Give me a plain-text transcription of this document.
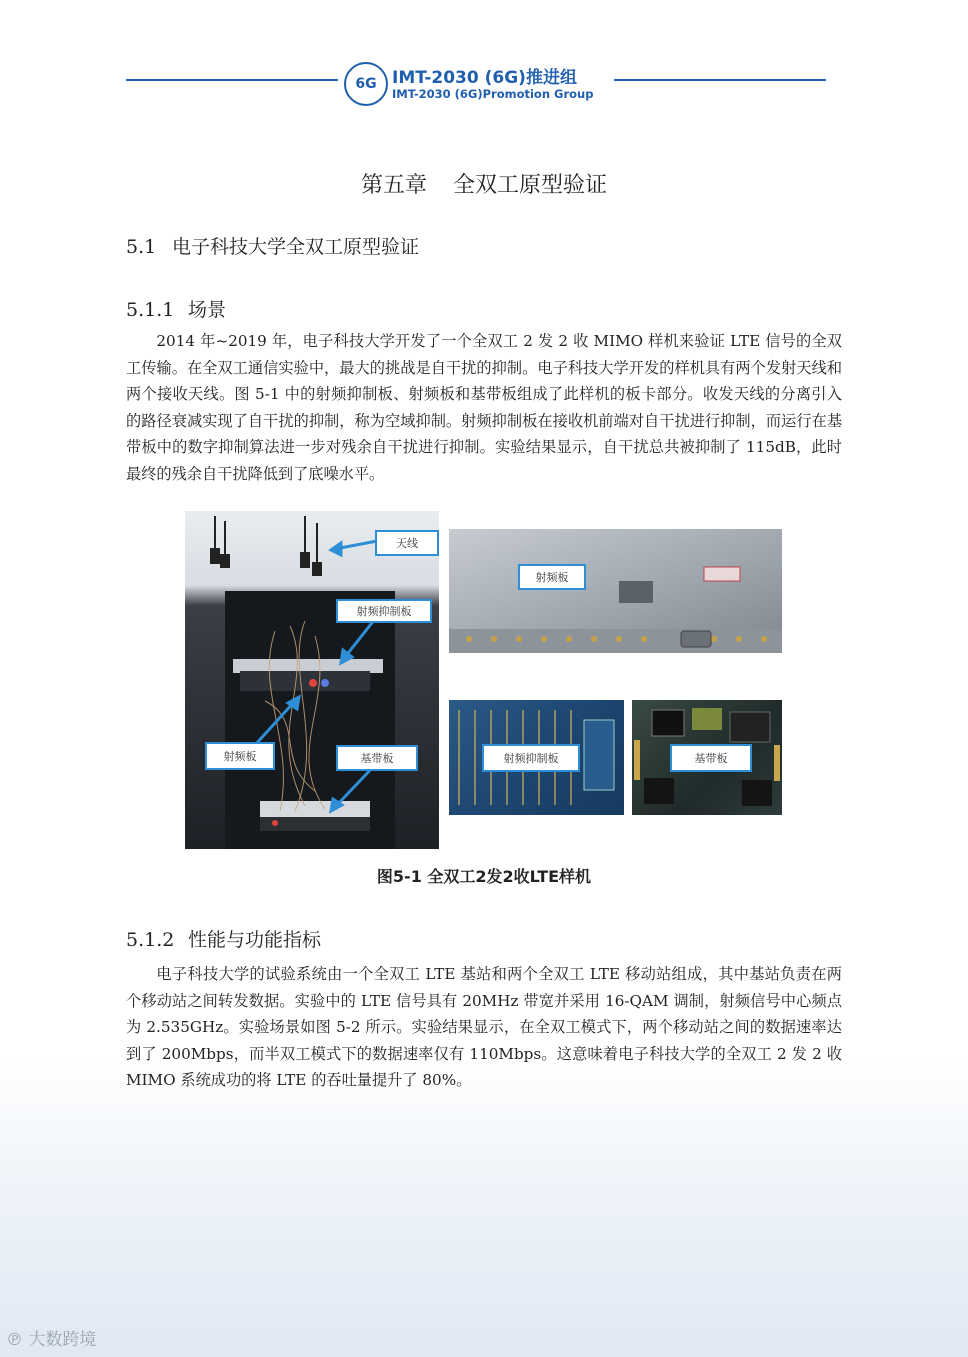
6G IMT-2030 (6G)推进组
IMT-2030 (6G)Promotion Group
第五章 全双工原型验证
5.1 电子科技大学全双工原型验证
5.1.1 场景

2014 年~2019 年，电子科技大学开发了一个全双工 2 发 2 收 MIMO 样机来验证 LTE 信号的全双工传输。在全双工通信实验中，最大的挑战是自干扰的抑制。电子科技大学开发的样机具有两个发射天线和两个接收天线。图 5-1 中的射频抑制板、射频板和基带板组成了此样机的板卡部分。收发天线的分离引入的路径衰减实现了自干扰的抑制，称为空域抑制。射频抑制板在接收机前端对自干扰进行抑制，而运行在基带板中的数字抑制算法进一步对残余自干扰进行抑制。实验结果显示，自干扰总共被抑制了 115dB，此时最终的残余自干扰降低到了底噪水平。

天线
射频抑制板
射频板	基带板
射频板
射频抑制板	基带板
图5-1 全双工2发2收LTE样机
5.1.2 性能与功能指标

电子科技大学的试验系统由一个全双工 LTE 基站和两个全双工 LTE 移动站组成，其中基站负责在两个移动站之间转发数据。实验中的 LTE 信号具有 20MHz 带宽并采用 16-QAM 调制，射频信号中心频点为 2.535GHz。实验场景如图 5-2 所示。实验结果显示，在全双工模式下，两个移动站之间的数据速率达到了 200Mbps，而半双工模式下的数据速率仅有 110Mbps。这意味着电子科技大学的全双工 2 发 2 收 MIMO 系统成功的将 LTE 的吞吐量提升了 80%。

℗ 大数跨境
